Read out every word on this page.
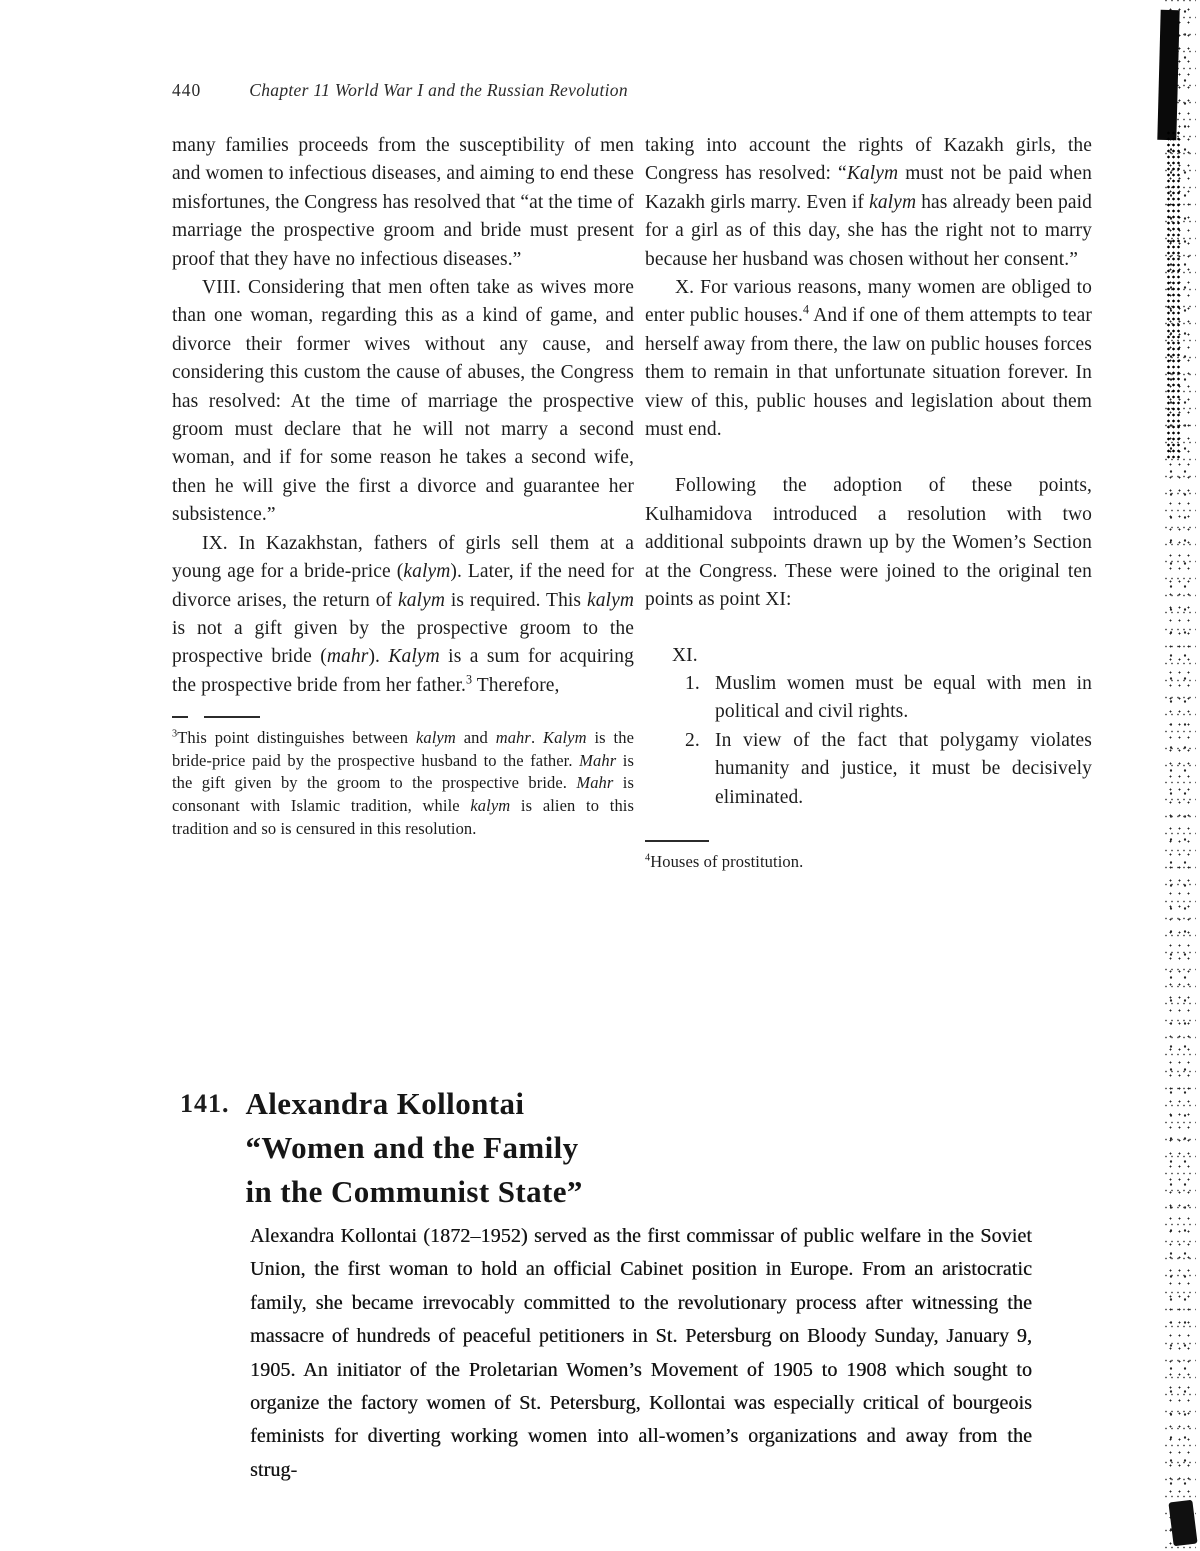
440	Chapter 11 World War I and the Russian Revolution

many families proceeds from the susceptibility of men and women to infectious diseases, and aiming to end these misfortunes, the Congress has resolved that “at the time of marriage the prospective groom and bride must present proof that they have no infectious diseases.”

VIII. Considering that men often take as wives more than one woman, regarding this as a kind of game, and divorce their former wives without any cause, and considering this custom the cause of abuses, the Congress has resolved: At the time of marriage the prospective groom must declare that he will not marry a second woman, and if for some reason he takes a second wife, then he will give the first a divorce and guarantee her subsistence.”

IX. In Kazakhstan, fathers of girls sell them at a young age for a bride-price (kalym). Later, if the need for divorce arises, the return of kalym is required. This kalym is not a gift given by the prospective groom to the prospective bride (mahr). Kalym is a sum for acquiring the prospective bride from her father.$^3$ Therefore,

$^3$This point distinguishes between kalym and mahr. Kalym is the bride-price paid by the prospective husband to the father. Mahr is the gift given by the groom to the prospective bride. Mahr is consonant with Islamic tradition, while kalym is alien to this tradition and so is censured in this resolution.

taking into account the rights of Kazakh girls, the Congress has resolved: “Kalym must not be paid when Kazakh girls marry. Even if kalym has already been paid for a girl as of this day, she has the right not to marry because her husband was chosen without her consent.”

X. For various reasons, many women are obliged to enter public houses.$^4$ And if one of them attempts to tear herself away from there, the law on public houses forces them to remain in that unfortunate situation forever. In view of this, public houses and legislation about them must end.

Following the adoption of these points, Kulhamidova introduced a resolution with two additional subpoints drawn up by the Women’s Section at the Congress. These were joined to the original ten points as point XI:

XI.
1. Muslim women must be equal with men in political and civil rights.
2. In view of the fact that polygamy violates humanity and justice, it must be decisively eliminated.

$^4$Houses of prostitution.

141. Alexandra Kollontai
“Women and the Family
in the Communist State”

Alexandra Kollontai (1872–1952) served as the first commissar of public welfare in the Soviet Union, the first woman to hold an official Cabinet position in Europe. From an aristocratic family, she became irrevocably committed to the revolutionary process after witnessing the massacre of hundreds of peaceful petitioners in St. Petersburg on Bloody Sunday, January 9, 1905. An initiator of the Proletarian Women’s Movement of 1905 to 1908 which sought to organize the factory women of St. Petersburg, Kollontai was especially critical of bourgeois feminists for diverting working women into all-women’s organizations and away from the strug-
